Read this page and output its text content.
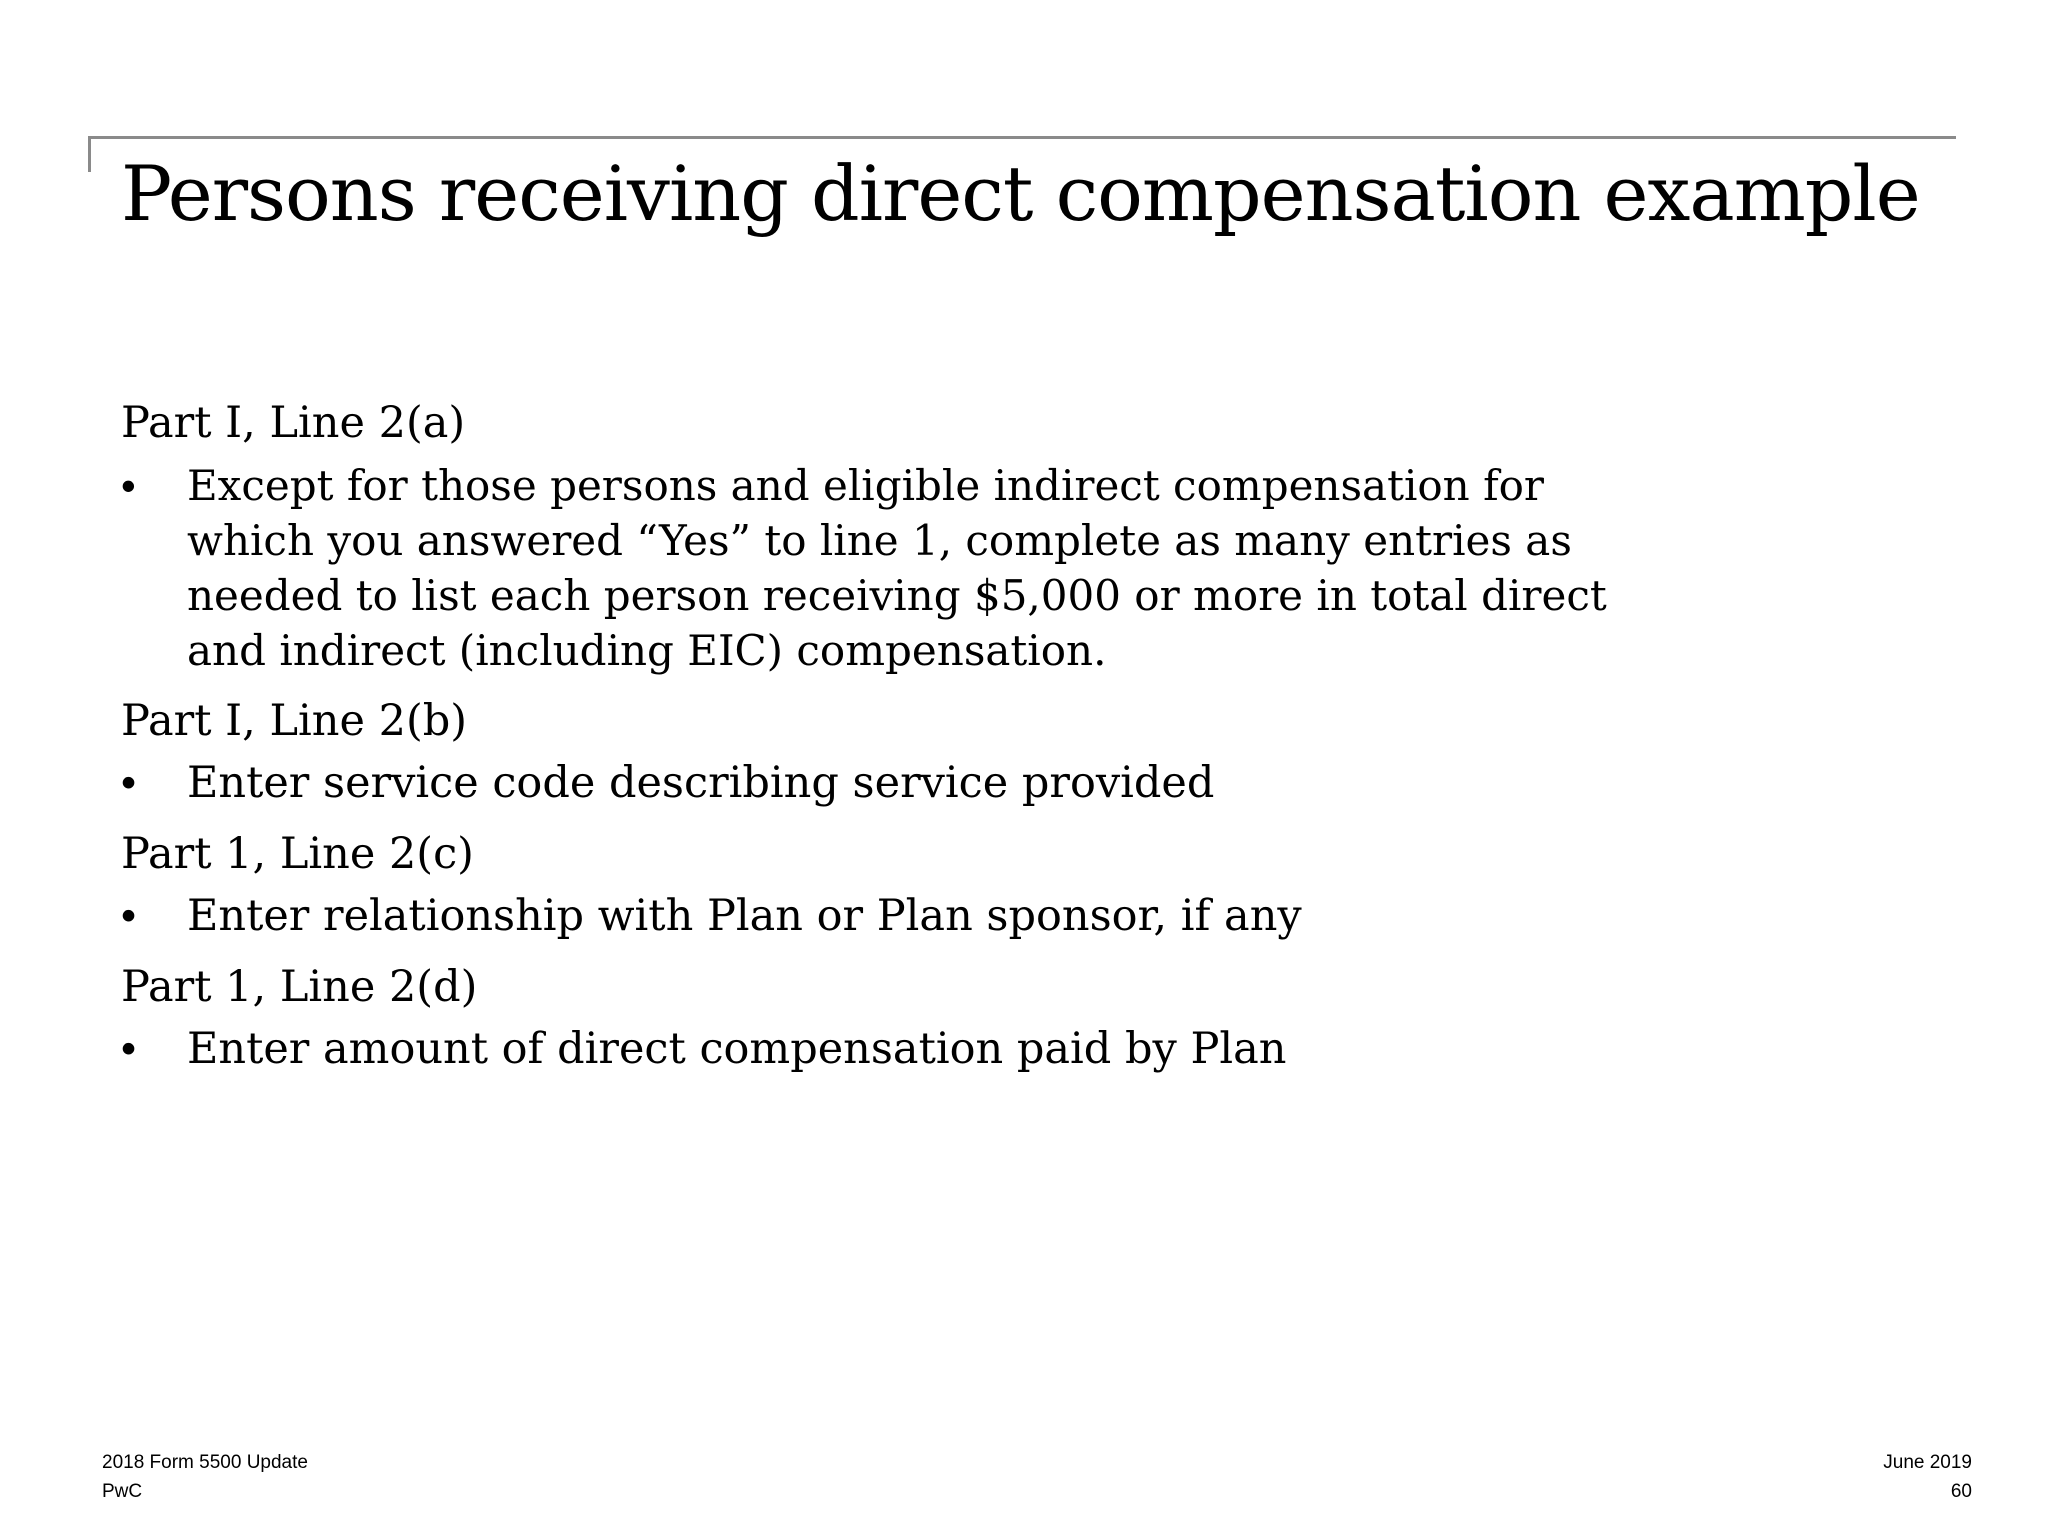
Persons receiving direct compensation example

Part I, Line 2(a)

•	Except for those persons and eligible indirect compensation for which you answered “Yes” to line 1, complete as many entries as needed to list each person receiving $5,000 or more in total direct and indirect (including EIC) compensation.

Part I, Line 2(b)

•	Enter service code describing service provided

Part 1, Line 2(c)

•	Enter relationship with Plan or Plan sponsor, if any

Part 1, Line 2(d)

•	Enter amount of direct compensation paid by Plan
2018 Form 5500 Update
PwC
June 2019
60
